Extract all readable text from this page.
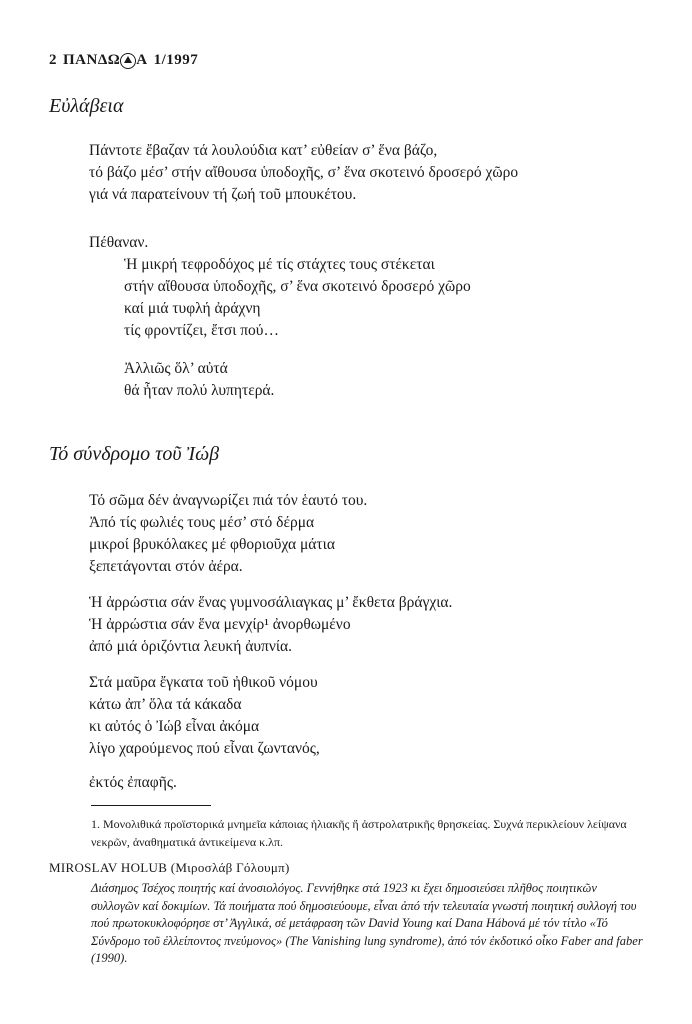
2 ΠΑΝΔΩ Α 1/1997
Εὐλάβεια
Πάντοτε ἔβαζαν τά λουλούδια κατ’ εὐθείαν σ’ ἕνα βάζο,
τό βάζο μέσ’ στήν αἴθουσα ὑποδοχῆς, σ’ ἕνα σκοτεινό δροσερό χῶρο
γιά νά παρατείνουν τή ζωή τοῦ μπουκέτου.
Πέθαναν.
Ἡ μικρή τεφροδόχος μέ τίς στάχτες τους στέκεται
στήν αἴθουσα ὑποδοχῆς, σ’ ἕνα σκοτεινό δροσερό χῶρο
καί μιά τυφλή ἀράχνη
τίς φροντίζει, ἔτσι πού…
Ἀλλιῶς ὅλ’ αὐτά
θά ἦταν πολύ λυπητερά.
Τό σύνδρομο τοῦ Ἰώβ
Τό σῶμα δέν ἀναγνωρίζει πιά τόν ἑαυτό του.
Ἀπό τίς φωλιές τους μέσ’ στό δέρμα
μικροί βρυκόλακες μέ φθοριοῦχα μάτια
ξεπετάγονται στόν ἀέρα.
Ἡ ἀρρώστια σάν ἕνας γυμνοσάλιαγκας μ’ ἔκθετα βράγχια.
Ἡ ἀρρώστια σάν ἕνα μενχίρ¹ ἀνορθωμένο
ἀπό μιά ὁριζόντια λευκή ἀυπνία.
Στά μαῦρα ἔγκατα τοῦ ἠθικοῦ νόμου
κάτω ἀπ’ ὅλα τά κάκαδα
κι αὐτός ὁ Ἰώβ εἶναι ἀκόμα
λίγο χαρούμενος πού εἶναι ζωντανός,
ἐκτός ἐπαφῆς.
1. Μονολιθικά προϊστορικά μνημεῖα κάποιας ἡλιακῆς ἤ ἀστρολατρικῆς θρησκείας. Συχνά περικλείουν λείψανα νεκρῶν, ἀναθηματικά ἀντικείμενα κ.λπ.
MIROSLAV HOLUB (Μιροσλάβ Γόλουμπ)
Διάσημος Τσέχος ποιητής καί ἀνοσιολόγος. Γεννήθηκε στά 1923 κι ἔχει δημοσιεύσει πλῆθος ποιητικῶν συλλογῶν καί δοκιμίων. Τά ποιήματα πού δημοσιεύουμε, εἶναι ἀπό τήν τελευταία γνωστή ποιητική συλλογή του πού πρωτοκυκλοφόρησε στ’ Ἀγγλικά, σέ μετάφραση τῶν David Young καί Dana Hábová μέ τόν τίτλο «Τό Σύνδρομο τοῦ ἐλλείποντος πνεύμονος» (The Vanishing lung syndrome), ἀπό τόν ἐκδοτικό οἶκο Faber and faber (1990).
